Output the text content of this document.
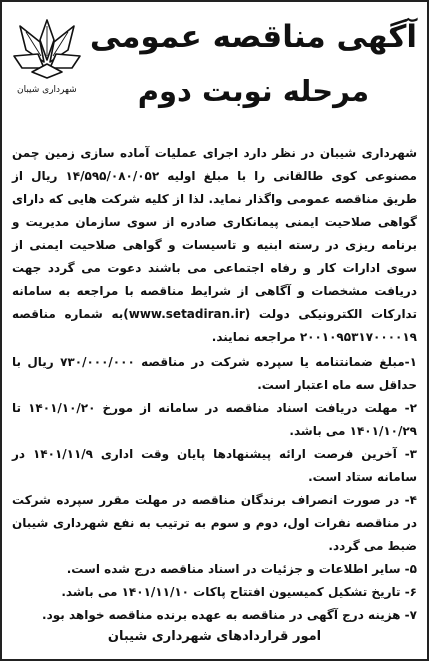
شهرداری شیبان
آگهی مناقصه عمومی
مرحله نوبت دوم

شهرداری شیبان در نظر دارد اجرای عملیات آماده سازی زمین چمن مصنوعی کوی طالقانی را با مبلغ اولیه ۱۴/۵۹۵/۰۸۰/۰۵۲ ریال از طریق مناقصه عمومی واگذار نماید. لذا از کلیه شرکت هایی که دارای گواهی صلاحیت ایمنی پیمانکاری صادره از سوی سازمان مدیریت و برنامه ریزی در رسته ابنیه و تاسیسات و گواهی صلاحیت ایمنی از سوی ادارات کار و رفاه اجتماعی می باشند دعوت می گردد جهت دریافت مشخصات و آگاهی از شرایط مناقصه با مراجعه به سامانه تدارکات الکترونیکی دولت (www.setadiran.ir)به شماره مناقصه ۲۰۰۱۰۹۵۳۱۷۰۰۰۰۱۹ مراجعه نمایند.

۱-مبلغ ضمانتنامه یا سپرده شرکت در مناقصه ۷۳۰/۰۰۰/۰۰۰ ریال با حداقل سه ماه اعتبار است.
۲- مهلت دریافت اسناد مناقصه در سامانه از مورخ ۱۴۰۱/۱۰/۲۰ تا ۱۴۰۱/۱۰/۲۹ می باشد.
۳- آخرین فرصت ارائه پیشنهادها پایان وقت اداری ۱۴۰۱/۱۱/۹ در سامانه ستاد است.
۴- در صورت انصراف برندگان مناقصه در مهلت مقرر سپرده شرکت در مناقصه نفرات اول، دوم و سوم به ترتیب به نفع شهرداری شیبان ضبط می گردد.
۵- سایر اطلاعات و جزئیات در اسناد مناقصه درج شده است.
۶- تاریخ تشکیل کمیسیون افتتاح پاکات ۱۴۰۱/۱۱/۱۰ می باشد.
۷- هزینه درج آگهی در مناقصه به عهده برنده مناقصه خواهد بود.
امور قراردادهای شهرداری شیبان
